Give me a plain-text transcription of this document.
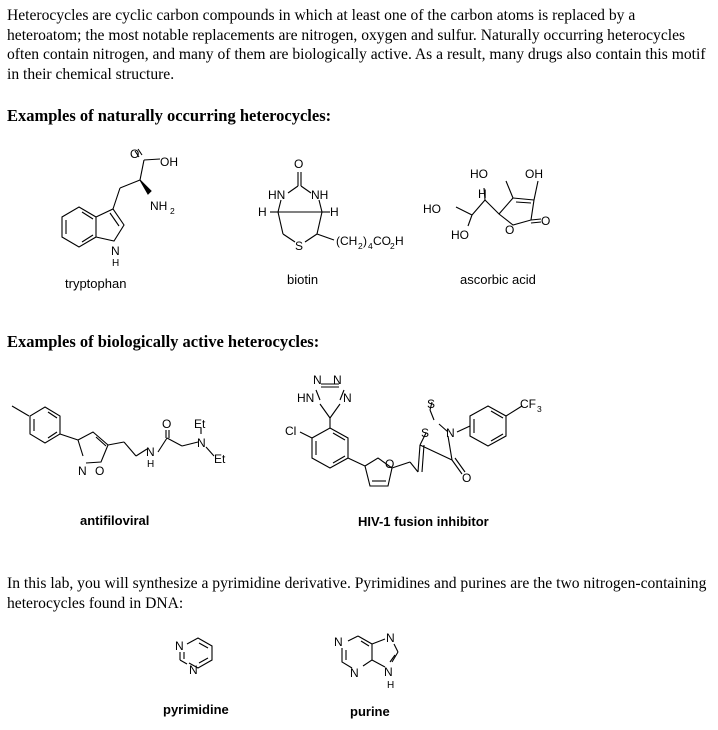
Heterocycles are cyclic carbon compounds in which at least one of the carbon atoms is replaced by a heteroatom; the most notable replacements are nitrogen, oxygen and sulfur. Naturally occurring heterocycles often contain nitrogen, and many of them are biologically active. As a result, many drugs also contain this motif in their chemical structure.
Examples of naturally occurring heterocycles:
O
OH
NH 2
N
H
O
HN NH
H	H
S	(CH 2 ) 4 CO 2 H
HO	OH
H
HO
HO	O
O
O Et
N
Et
N
H
N O
N N
HN N
Cl
O
S
S N
O
CF 3
N
N
N
N
N
N
H
tryptophan	biotin	ascorbic acid
Examples of biologically active heterocycles:
antifiloviral	HIV-1 fusion inhibitor
In this lab, you will synthesize a pyrimidine derivative. Pyrimidines and purines are the two nitrogen-containing heterocycles found in DNA:
pyrimidine	purine
